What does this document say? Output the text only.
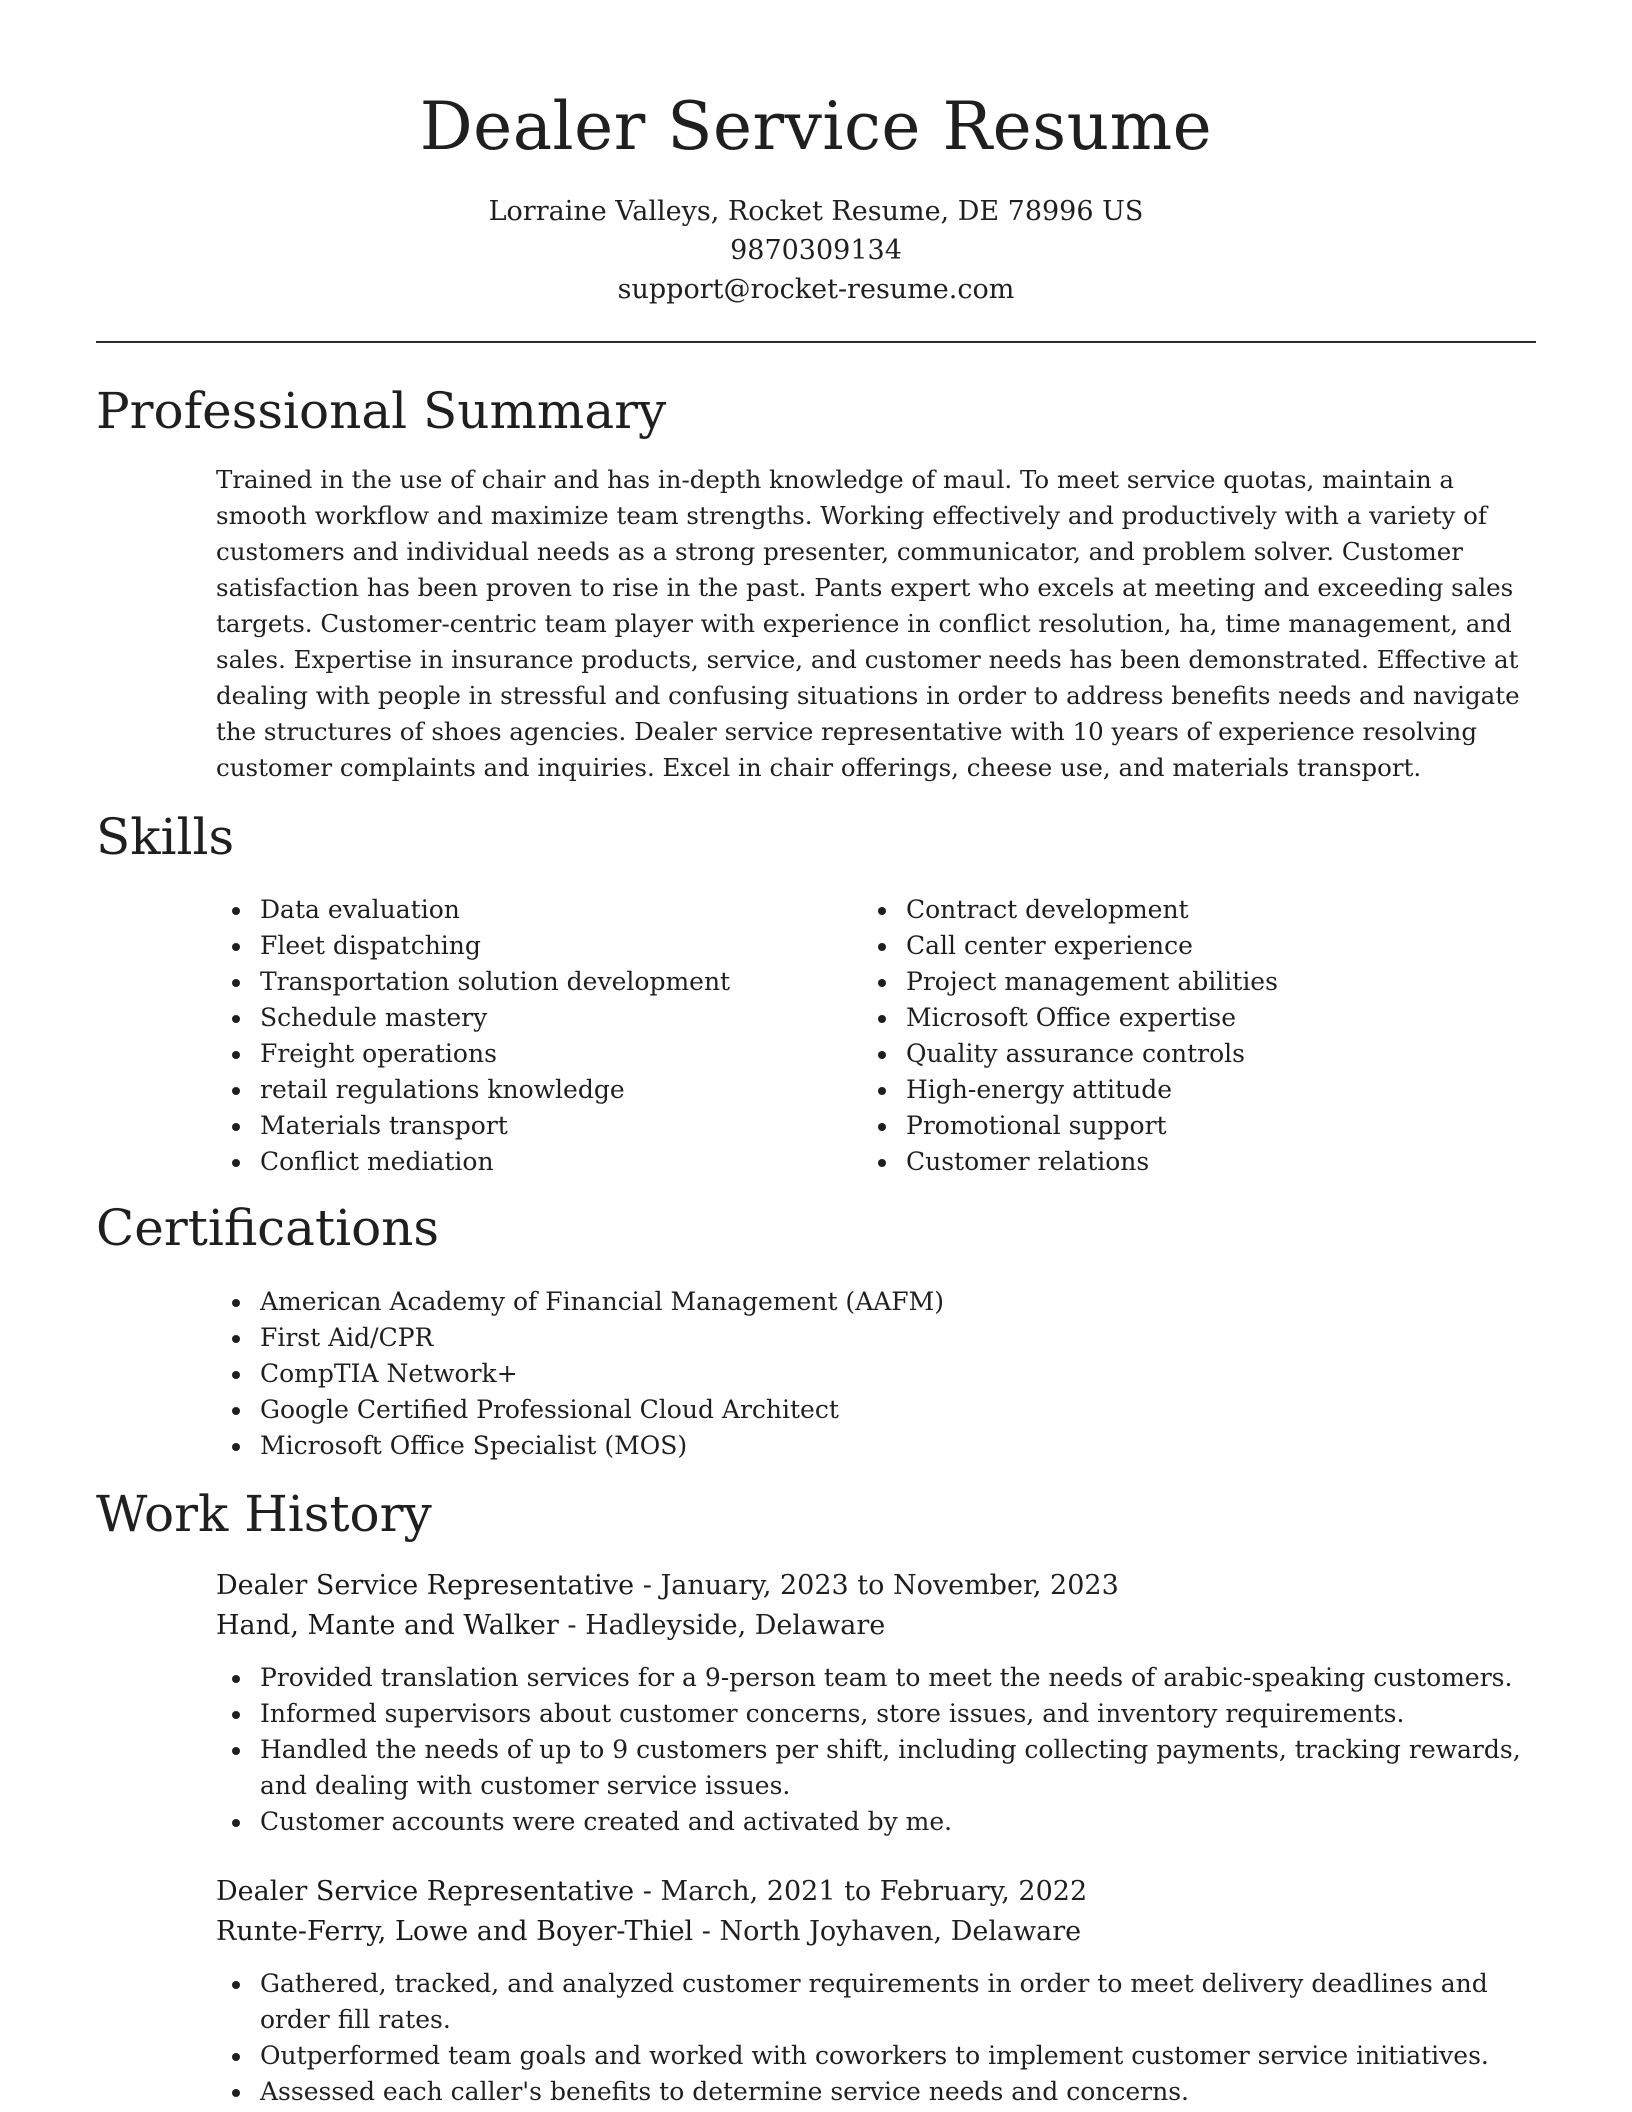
Dealer Service Resume
Lorraine Valleys, Rocket Resume, DE 78996 US
9870309134
support@rocket-resume.com
Professional Summary

Trained in the use of chair and has in-depth knowledge of maul. To meet service quotas, maintain a smooth workflow and maximize team strengths. Working effectively and productively with a variety of customers and individual needs as a strong presenter, communicator, and problem solver. Customer satisfaction has been proven to rise in the past. Pants expert who excels at meeting and exceeding sales targets. Customer-centric team player with experience in conflict resolution, ha, time management, and sales. Expertise in insurance products, service, and customer needs has been demonstrated. Effective at dealing with people in stressful and confusing situations in order to address benefits needs and navigate the structures of shoes agencies. Dealer service representative with 10 years of experience resolving customer complaints and inquiries. Excel in chair offerings, cheese use, and materials transport.

Skills
Data evaluation
Fleet dispatching
Transportation solution development
Schedule mastery
Freight operations
retail regulations knowledge
Materials transport
Conflict mediation
Contract development
Call center experience
Project management abilities
Microsoft Office expertise
Quality assurance controls
High-energy attitude
Promotional support
Customer relations
Certifications
American Academy of Financial Management (AAFM)
First Aid/CPR
CompTIA Network+
Google Certified Professional Cloud Architect
Microsoft Office Specialist (MOS)
Work History
Dealer Service Representative - January, 2023 to November, 2023
Hand, Mante and Walker - Hadleyside, Delaware
Provided translation services for a 9-person team to meet the needs of arabic-speaking customers.
Informed supervisors about customer concerns, store issues, and inventory requirements.
Handled the needs of up to 9 customers per shift, including collecting payments, tracking rewards, and dealing with customer service issues.
Customer accounts were created and activated by me.
Dealer Service Representative - March, 2021 to February, 2022
Runte-Ferry, Lowe and Boyer-Thiel - North Joyhaven, Delaware
Gathered, tracked, and analyzed customer requirements in order to meet delivery deadlines and order fill rates.
Outperformed team goals and worked with coworkers to implement customer service initiatives.
Assessed each caller's benefits to determine service needs and concerns.
